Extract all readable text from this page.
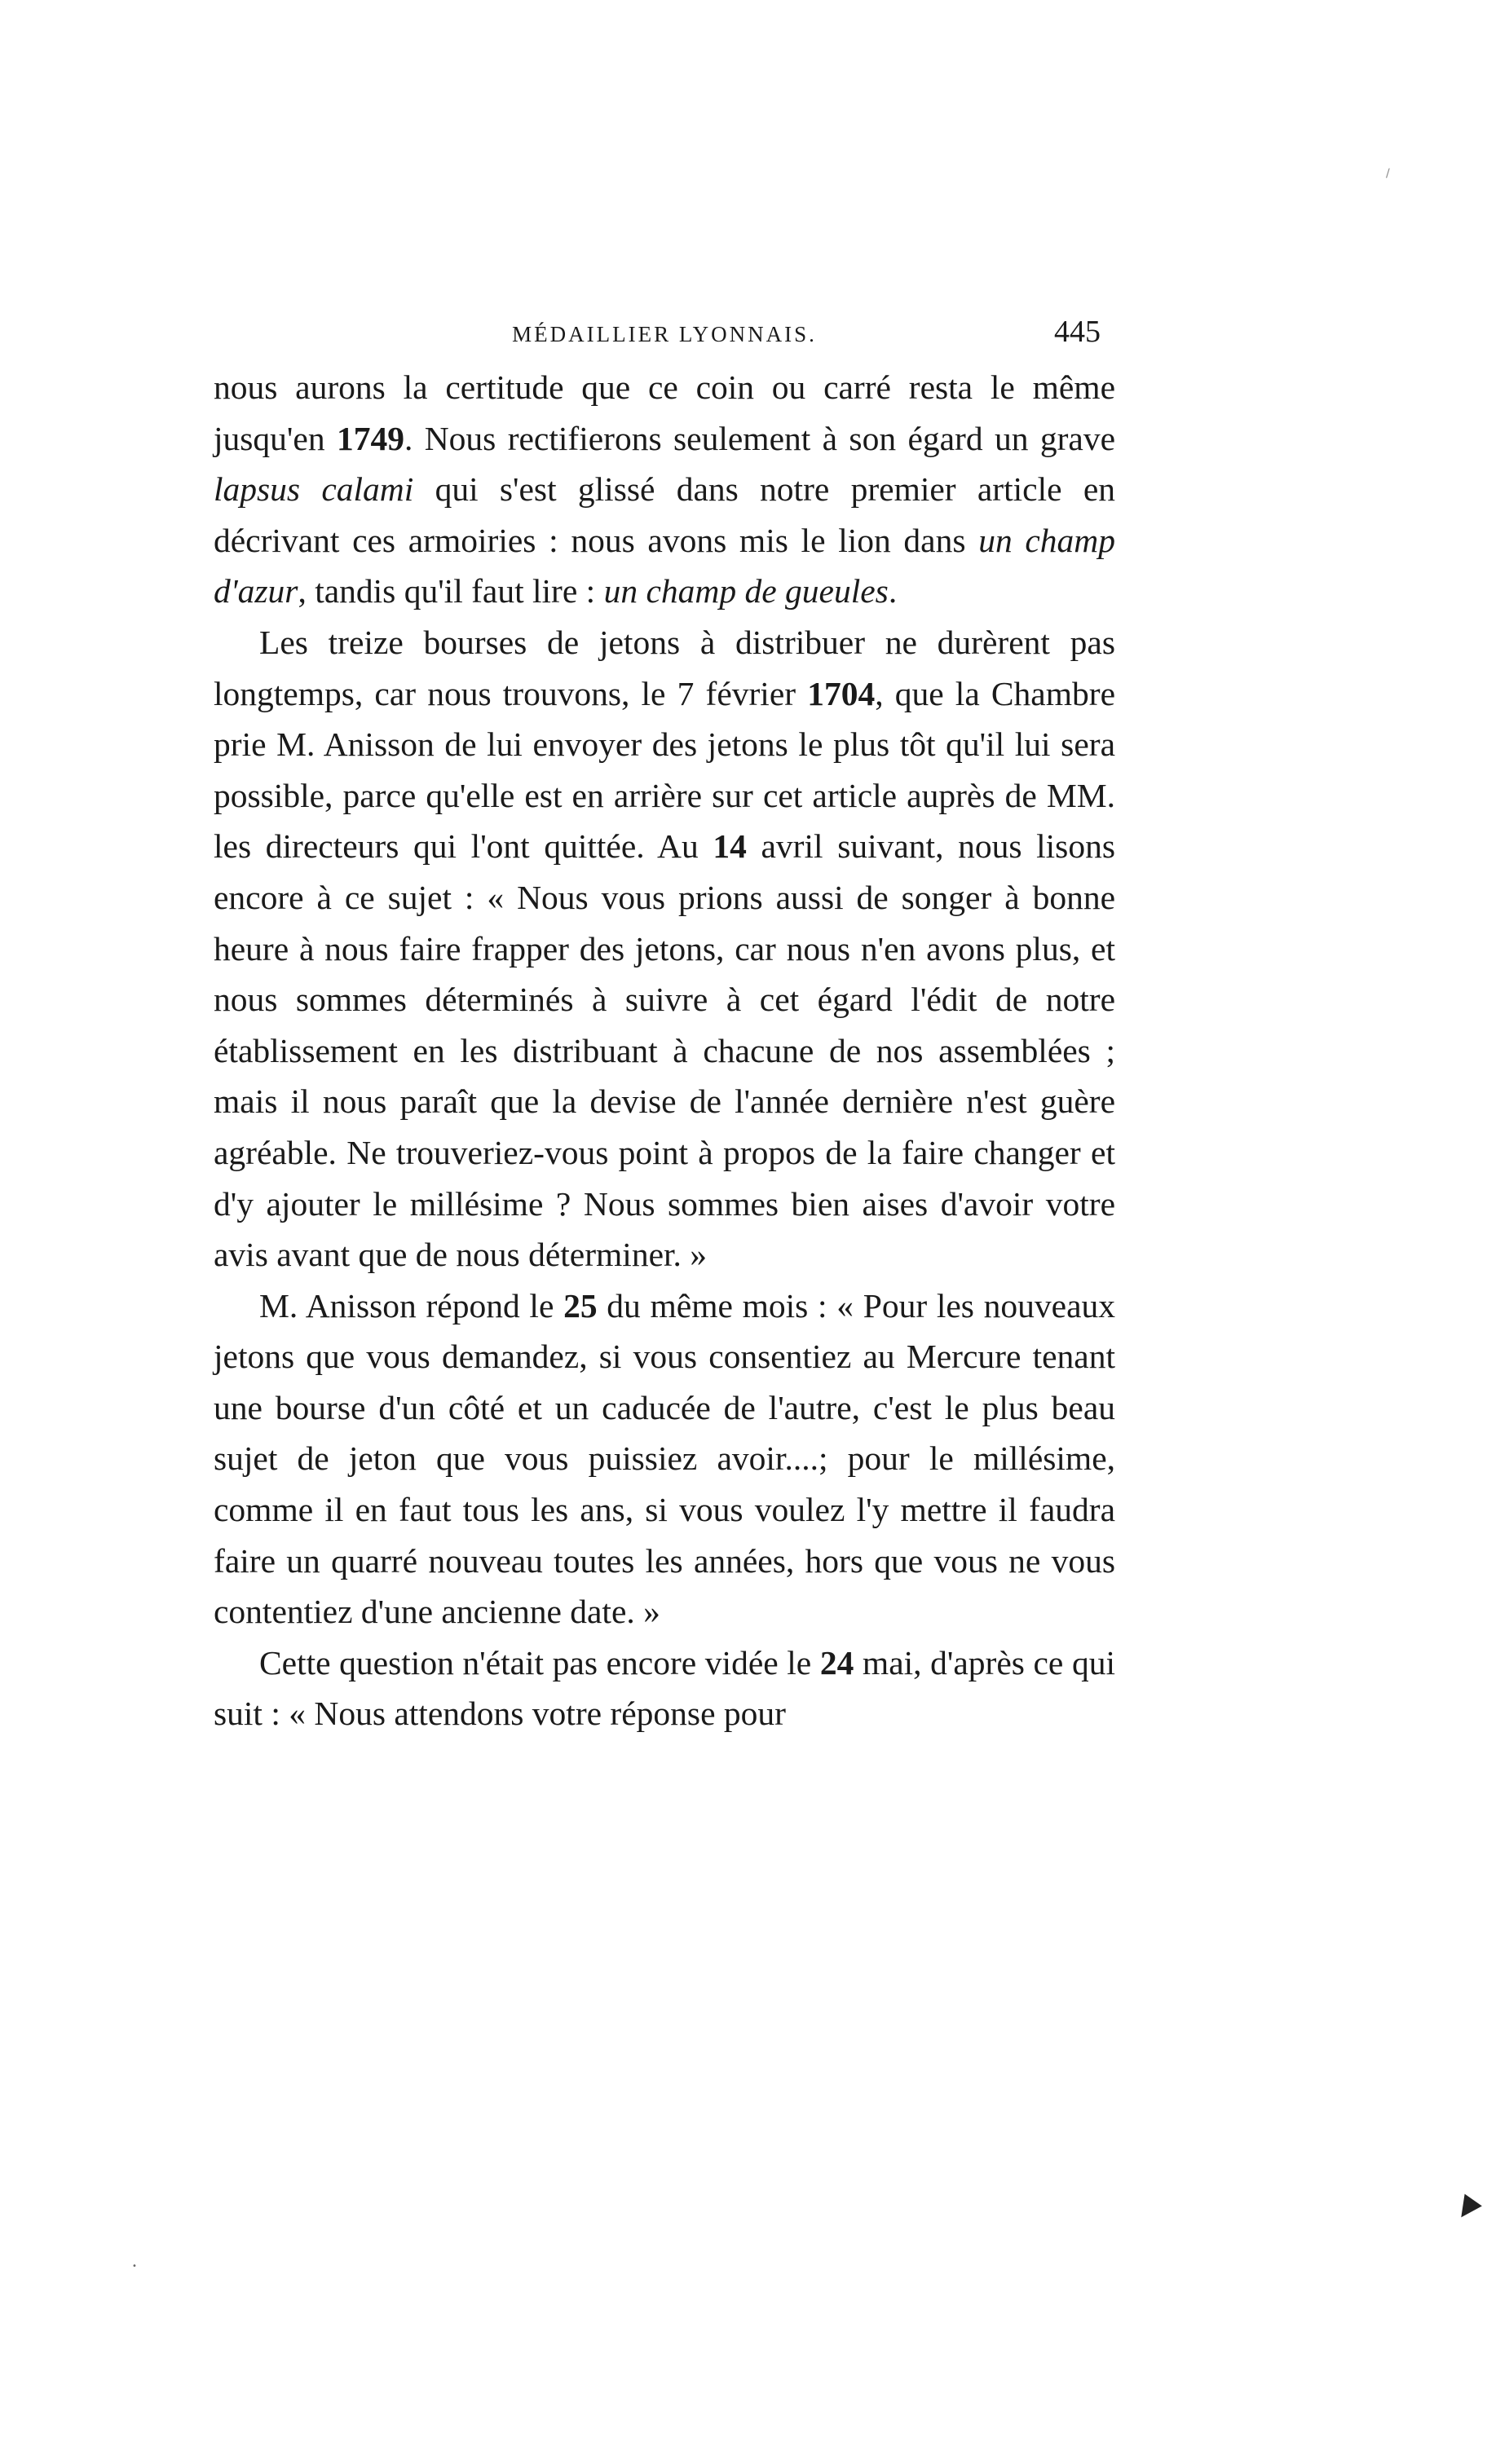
MÉDAILLIER LYONNAIS.	445

nous aurons la certitude que ce coin ou carré resta le même jusqu'en 1749. Nous rectifierons seulement à son égard un grave lapsus calami qui s'est glissé dans notre premier article en décrivant ces armoiries : nous avons mis le lion dans un champ d'azur, tandis qu'il faut lire : un champ de gueules.

Les treize bourses de jetons à distribuer ne durèrent pas longtemps, car nous trouvons, le 7 février 1704, que la Chambre prie M. Anisson de lui envoyer des jetons le plus tôt qu'il lui sera possible, parce qu'elle est en arrière sur cet article auprès de MM. les directeurs qui l'ont quittée. Au 14 avril suivant, nous lisons encore à ce sujet : « Nous vous prions aussi de songer à bonne heure à nous faire frapper des jetons, car nous n'en avons plus, et nous sommes déterminés à suivre à cet égard l'édit de notre établissement en les distribuant à chacune de nos assemblées ; mais il nous paraît que la devise de l'année dernière n'est guère agréable. Ne trouveriez-vous point à propos de la faire changer et d'y ajouter le millésime ? Nous sommes bien aises d'avoir votre avis avant que de nous déterminer. »

M. Anisson répond le 25 du même mois : « Pour les nouveaux jetons que vous demandez, si vous consentiez au Mercure tenant une bourse d'un côté et un caducée de l'autre, c'est le plus beau sujet de jeton que vous puissiez avoir....; pour le millésime, comme il en faut tous les ans, si vous voulez l'y mettre il faudra faire un quarré nouveau toutes les années, hors que vous ne vous contentiez d'une ancienne date. »

Cette question n'était pas encore vidée le 24 mai, d'après ce qui suit : « Nous attendons votre réponse pour

▼
/
•
